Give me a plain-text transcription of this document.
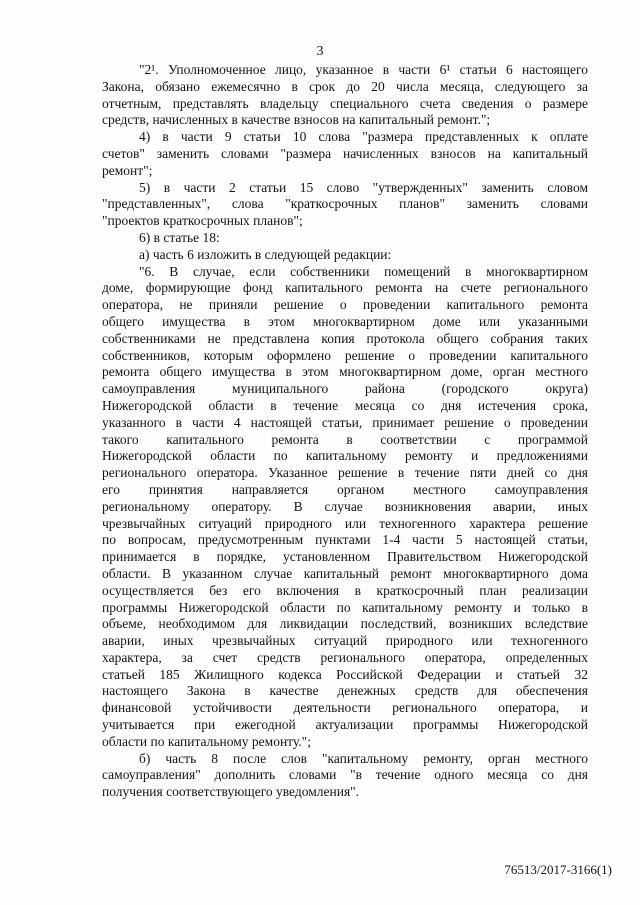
3

"2¹. Уполномоченное лицо, указанное в части 6¹ статьи 6 настоящего
Закона, обязано ежемесячно в срок до 20 числа месяца, следующего за
отчетным, представлять владельцу специального счета сведения о размере
средств, начисленных в качестве взносов на капитальный ремонт.";

4) в части 9 статьи 10 слова "размера представленных к оплате
счетов" заменить словами "размера начисленных взносов на капитальный
ремонт";

5) в части 2 статьи 15 слово "утвержденных" заменить словом
"представленных", слова "краткосрочных планов" заменить словами
"проектов краткосрочных планов";

6) в статье 18:

а) часть 6 изложить в следующей редакции:

"6. В случае, если собственники помещений в многоквартирном
доме, формирующие фонд капитального ремонта на счете регионального
оператора, не приняли решение о проведении капитального ремонта
общего имущества в этом многоквартирном доме или указанными
собственниками не представлена копия протокола общего собрания таких
собственников, которым оформлено решение о проведении капитального
ремонта общего имущества в этом многоквартирном доме, орган местного
самоуправления муниципального района (городского округа)
Нижегородской области в течение месяца со дня истечения срока,
указанного в части 4 настоящей статьи, принимает решение о проведении
такого капитального ремонта в соответствии с программой
Нижегородской области по капитальному ремонту и предложениями
регионального оператора. Указанное решение в течение пяти дней со дня
его принятия направляется органом местного самоуправления
региональному оператору. В случае возникновения аварии, иных
чрезвычайных ситуаций природного или техногенного характера решение
по вопросам, предусмотренным пунктами 1-4 части 5 настоящей статьи,
принимается в порядке, установленном Правительством Нижегородской
области. В указанном случае капитальный ремонт многоквартирного дома
осуществляется без его включения в краткосрочный план реализации
программы Нижегородской области по капитальному ремонту и только в
объеме, необходимом для ликвидации последствий, возникших вследствие
аварии, иных чрезвычайных ситуаций природного или техногенного
характера, за счет средств регионального оператора, определенных
статьей 185 Жилищного кодекса Российской Федерации и статьей 32
настоящего Закона в качестве денежных средств для обеспечения
финансовой устойчивости деятельности регионального оператора, и
учитывается при ежегодной актуализации программы Нижегородской
области по капитальному ремонту.";

б) часть 8 после слов "капитальному ремонту, орган местного
самоуправления" дополнить словами "в течение одного месяца со дня
получения соответствующего уведомления".

76513/2017-3166(1)
